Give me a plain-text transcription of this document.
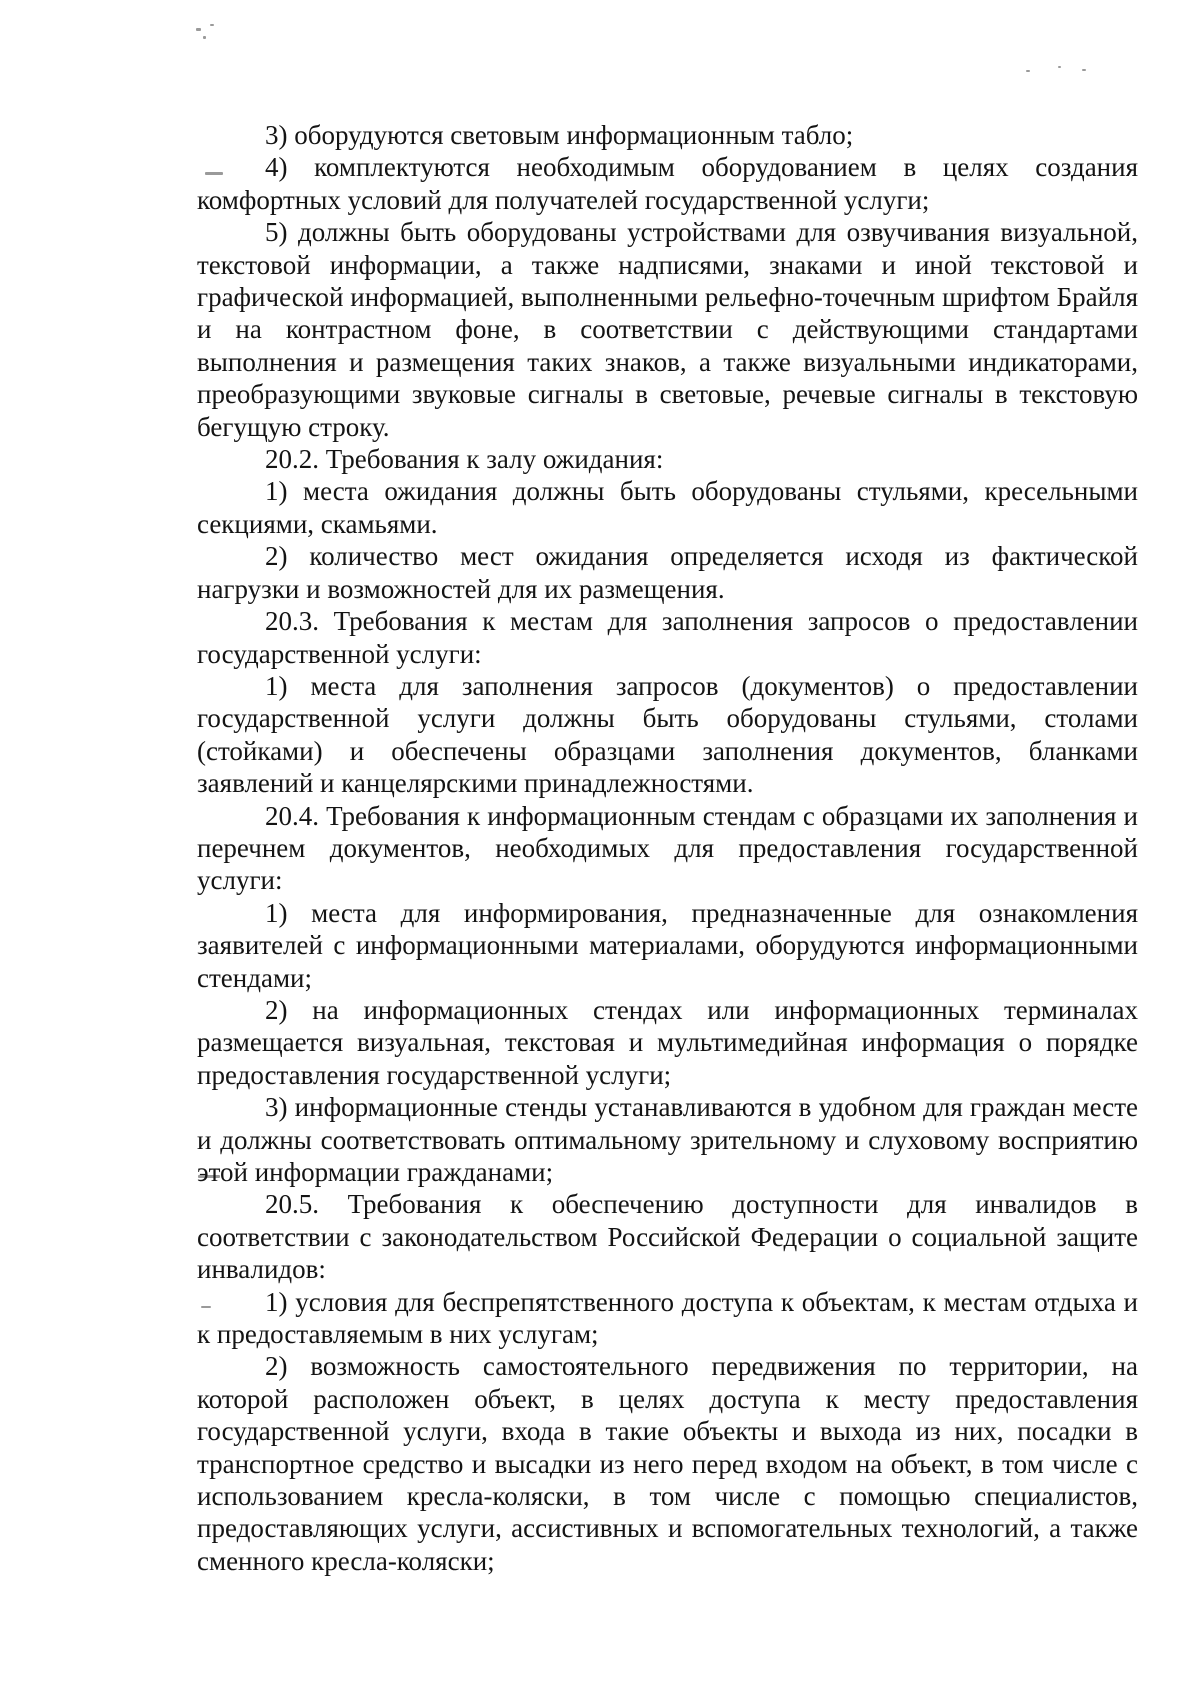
3) оборудуются световым информационным табло;

4) комплектуются необходимым оборудованием в целях создания комфортных условий для получателей государственной услуги;

5) должны быть оборудованы устройствами для озвучивания визуальной, текстовой информации, а также надписями, знаками и иной текстовой и графической информацией, выполненными рельефно-точечным шрифтом Брайля и на контрастном фоне, в соответствии с действующими стандартами выполнения и размещения таких знаков, а также визуальными индикаторами, преобразующими звуковые сигналы в световые, речевые сигналы в текстовую бегущую строку.

20.2. Требования к залу ожидания:

1) места ожидания должны быть оборудованы стульями, кресельными секциями, скамьями.

2) количество мест ожидания определяется исходя из фактической нагрузки и возможностей для их размещения.

20.3. Требования к местам для заполнения запросов о предоставлении государственной услуги:

1) места для заполнения запросов (документов) о предоставлении государственной услуги должны быть оборудованы стульями, столами (стойками) и обеспечены образцами заполнения документов, бланками заявлений и канцелярскими принадлежностями.

20.4. Требования к информационным стендам с образцами их заполнения и перечнем документов, необходимых для предоставления государственной услуги:

1) места для информирования, предназначенные для ознакомления заявителей с информационными материалами, оборудуются информационными стендами;

2) на информационных стендах или информационных терминалах размещается визуальная, текстовая и мультимедийная информация о порядке предоставления государственной услуги;

3) информационные стенды устанавливаются в удобном для граждан месте и должны соответствовать оптимальному зрительному и слуховому восприятию этой информации гражданами;

20.5. Требования к обеспечению доступности для инвалидов в соответствии с законодательством Российской Федерации о социальной защите инвалидов:

1) условия для беспрепятственного доступа к объектам, к местам отдыха и к предоставляемым в них услугам;

2) возможность самостоятельного передвижения по территории, на которой расположен объект, в целях доступа к месту предоставления государственной услуги, входа в такие объекты и выхода из них, посадки в транспортное средство и высадки из него перед входом на объект, в том числе с использованием кресла-коляски, в том числе с помощью специалистов, предоставляющих услуги, ассистивных и вспомогательных технологий, а также сменного кресла-коляски;
